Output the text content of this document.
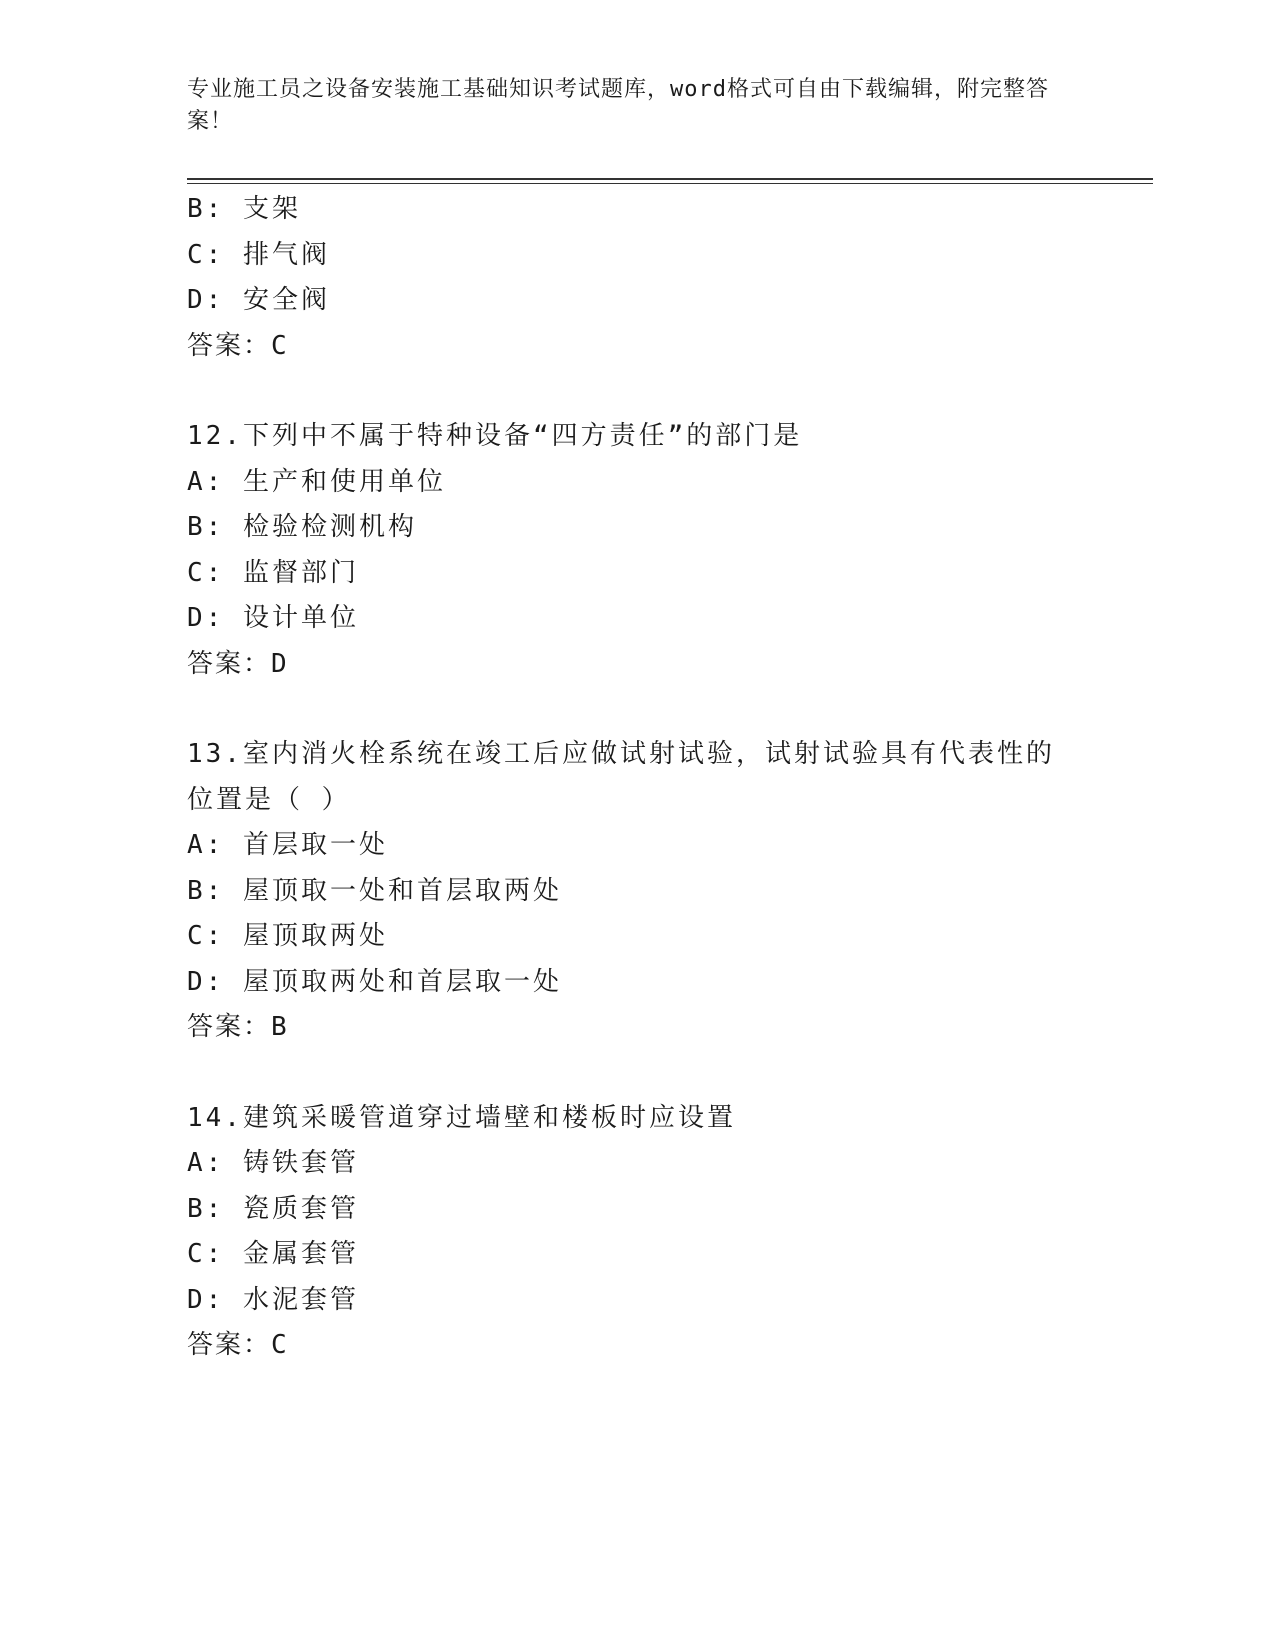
专业施工员之设备安装施工基础知识考试题库，word格式可自由下载编辑，附完整答案！
B: 支架
C: 排气阀
D: 安全阀
答案：C
12.下列中不属于特种设备“四方责任”的部门是
A: 生产和使用单位
B: 检验检测机构
C: 监督部门
D: 设计单位
答案：D
13.室内消火栓系统在竣工后应做试射试验，试射试验具有代表性的位置是（ ）
A: 首层取一处
B: 屋顶取一处和首层取两处
C: 屋顶取两处
D: 屋顶取两处和首层取一处
答案：B
14.建筑采暖管道穿过墙壁和楼板时应设置
A: 铸铁套管
B: 瓷质套管
C: 金属套管
D: 水泥套管
答案：C
